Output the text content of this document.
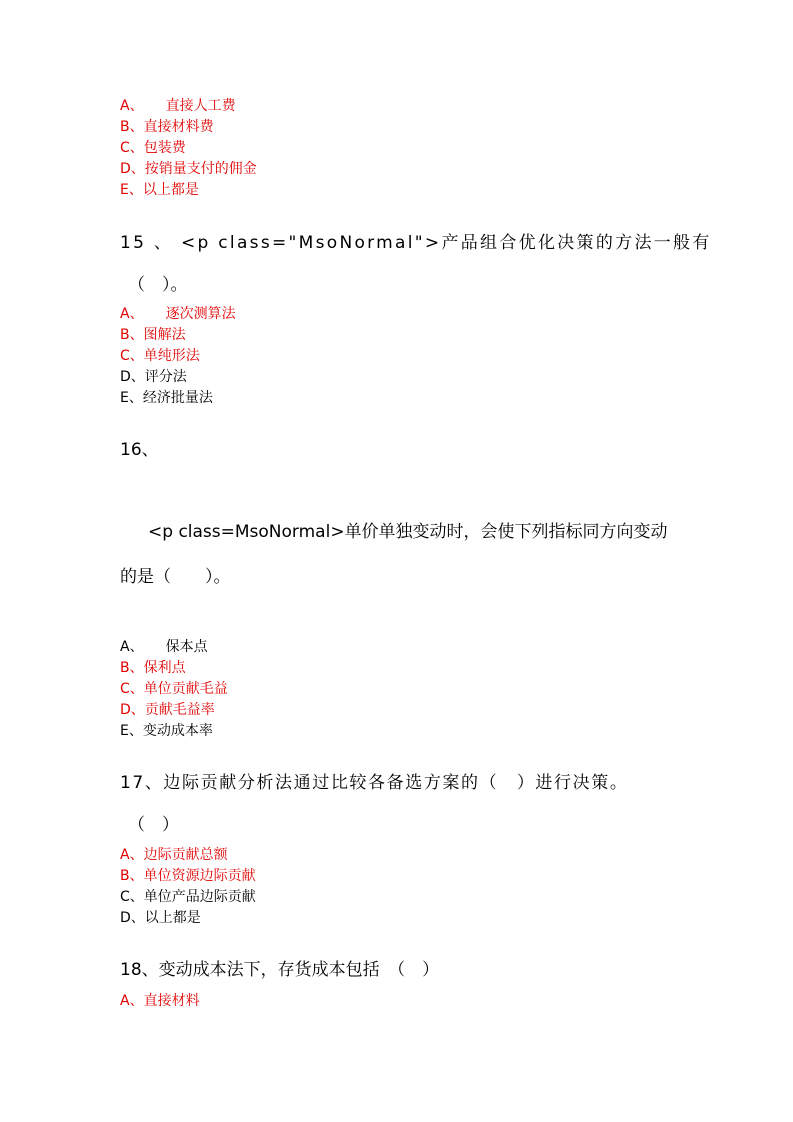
A、 直接人工费
B、直接材料费
C、包装费
D、按销量支付的佣金
E、以上都是
15 、 <p class="MsoNormal">产品组合优化决策的方法一般有
（　）。
A、 逐次测算法
B、图解法
C、单纯形法
D、评分法
E、经济批量法
16、
<p class=MsoNormal>单价单独变动时，会使下列指标同方向变动
的是（　　）。
A、 保本点
B、保利点
C、单位贡献毛益
D、贡献毛益率
E、变动成本率
17、边际贡献分析法通过比较各备选方案的（　）进行决策。
（　）
A、边际贡献总额
B、单位资源边际贡献
C、单位产品边际贡献
D、以上都是
18、变动成本法下，存货成本包括　（　）
A、直接材料
